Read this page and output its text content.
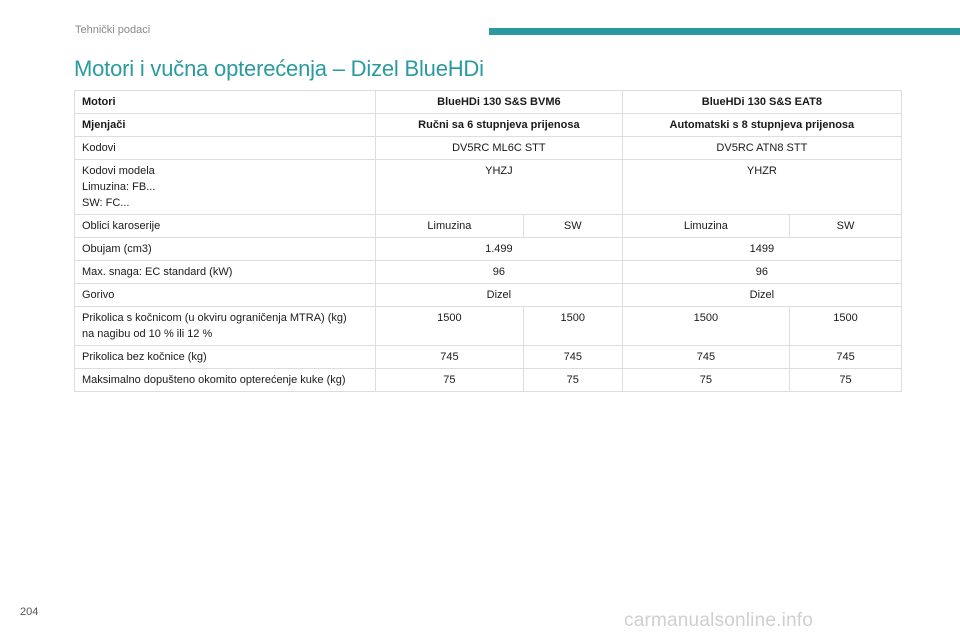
Tehnički podaci
Motori i vučna opterećenja – Dizel BlueHDi
Motori	BlueHDi 130 S&S BVM6		BlueHDi 130 S&S EAT8	
Mjenjači	Ručni sa 6 stupnjeva prijenosa		Automatski s 8 stupnjeva prijenosa	
Kodovi	DV5RC ML6C STT		DV5RC ATN8 STT	

Kodovi modela
Limuzina: FB...
SW: FC...	YHZJ		YHZR	
Oblici karoserije	Limuzina	SW	Limuzina	SW
Obujam (cm3)	1.499		1499	
Max. snaga: EC standard (kW)	96		96	
Gorivo	Dizel		Dizel	

Prikolica s kočnicom (u okviru ograničenja MTRA) (kg)
na nagibu od 10 % ili 12 %	1500	1500	1500	1500
Prikolica bez kočnice (kg)	745	745	745	745
Maksimalno dopušteno okomito opterećenje kuke (kg)	75	75	75	75
204	carmanualsonline.info
